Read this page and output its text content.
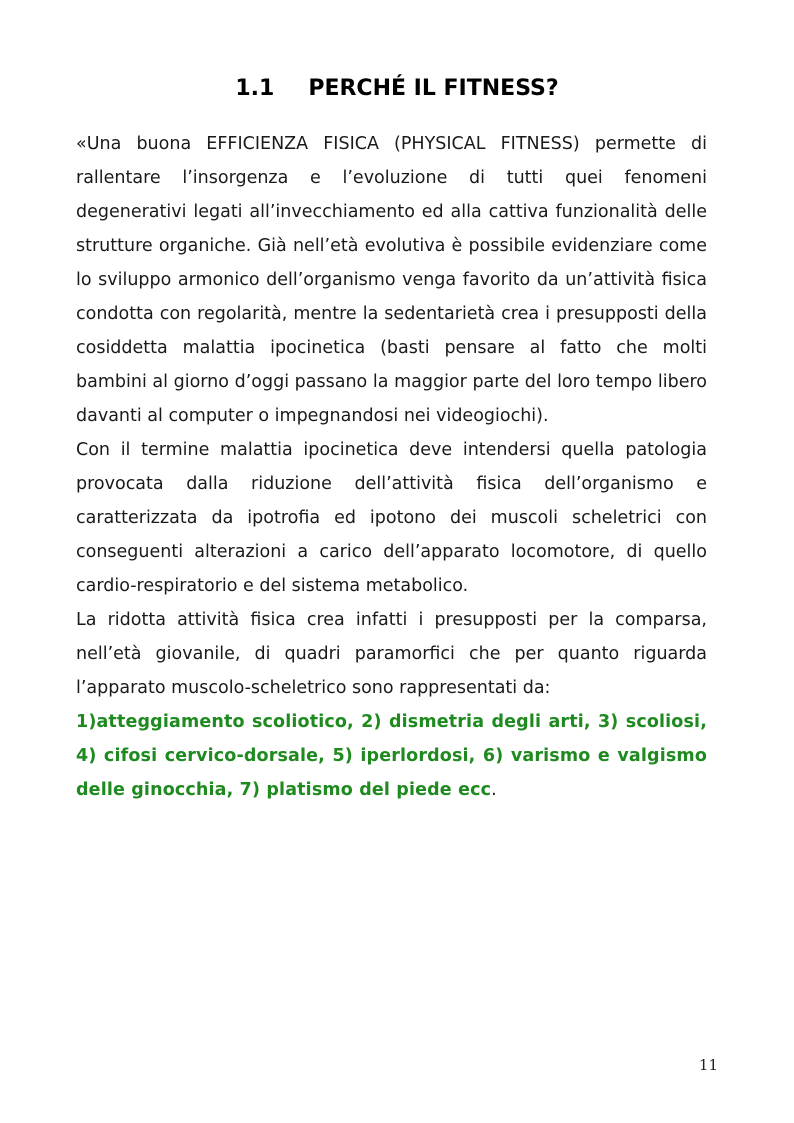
1.1 PERCHÉ IL FITNESS?

«Una buona EFFICIENZA FISICA (PHYSICAL FITNESS) permette di rallentare l’insorgenza e l’evoluzione di tutti quei fenomeni degenerativi legati all’invecchiamento ed alla cattiva funzionalità delle strutture organiche. Già nell’età evolutiva è possibile evidenziare come lo sviluppo armonico dell’organismo venga favorito da un’attività fisica condotta con regolarità, mentre la sedentarietà crea i presupposti della cosiddetta malattia ipocinetica (basti pensare al fatto che molti bambini al giorno d’oggi passano la maggior parte del loro tempo libero davanti al computer o impegnandosi nei videogiochi).

Con il termine malattia ipocinetica deve intendersi quella patologia provocata dalla riduzione dell’attività fisica dell’organismo e caratterizzata da ipotrofia ed ipotono dei muscoli scheletrici con conseguenti alterazioni a carico dell’apparato locomotore, di quello cardio-respiratorio e del sistema metabolico.

La ridotta attività fisica crea infatti i presupposti per la comparsa, nell’età giovanile, di quadri paramorfici che per quanto riguarda l’apparato muscolo-scheletrico sono rappresentati da:

1)atteggiamento scoliotico, 2) dismetria degli arti, 3) scoliosi, 4) cifosi cervico-dorsale, 5) iperlordosi, 6) varismo e valgismo delle ginocchia, 7) platismo del piede ecc.

11
